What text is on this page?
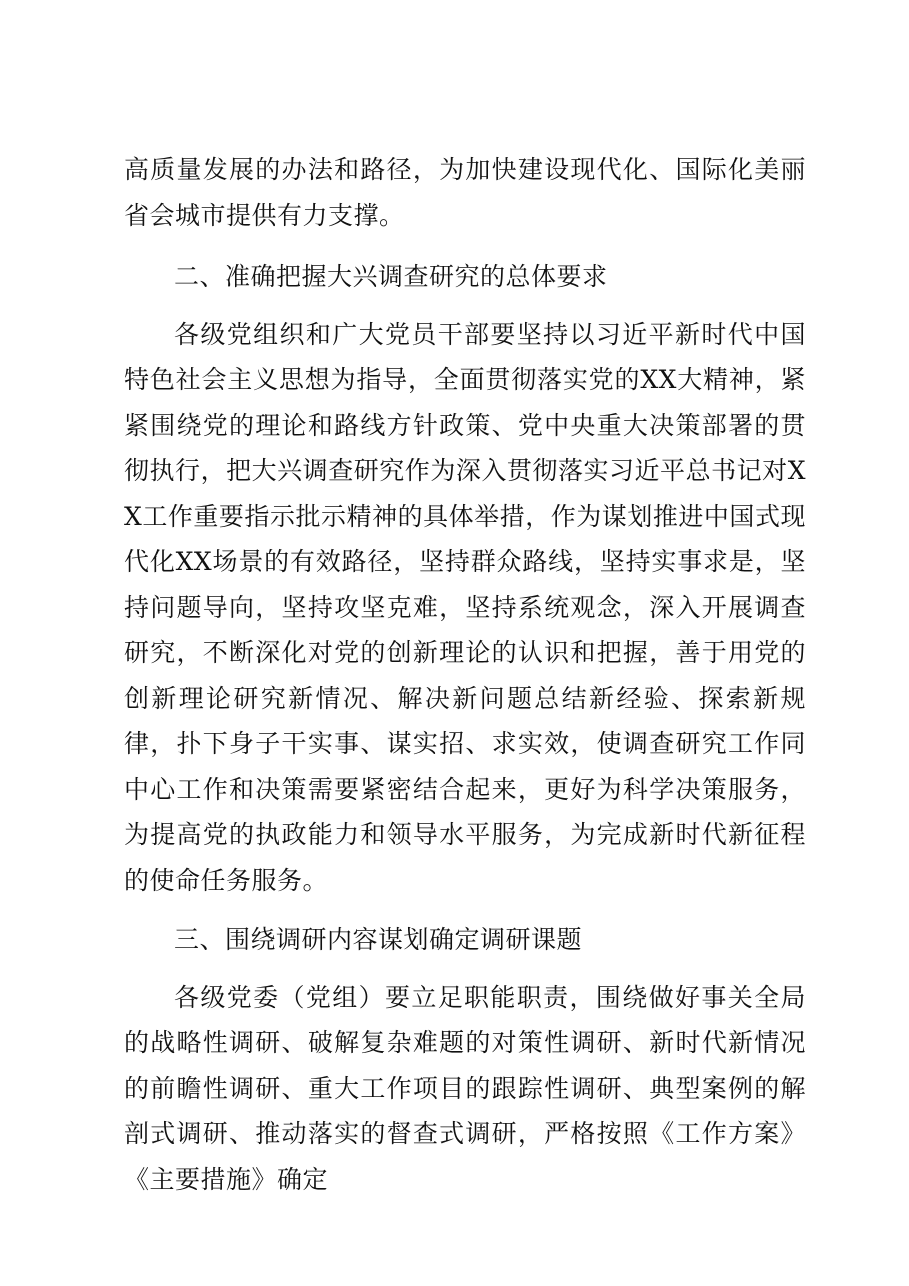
高质量发展的办法和路径，为加快建设现代化、国际化美丽省会城市提供有力支撑。

二、准确把握大兴调查研究的总体要求

各级党组织和广大党员干部要坚持以习近平新时代中国特色社会主义思想为指导，全面贯彻落实党的XX大精神，紧紧围绕党的理论和路线方针政策、党中央重大决策部署的贯彻执行，把大兴调查研究作为深入贯彻落实习近平总书记对XX工作重要指示批示精神的具体举措，作为谋划推进中国式现代化XX场景的有效路径，坚持群众路线，坚持实事求是，坚持问题导向，坚持攻坚克难，坚持系统观念，深入开展调查研究，不断深化对党的创新理论的认识和把握，善于用党的创新理论研究新情况、解决新问题总结新经验、探索新规律，扑下身子干实事、谋实招、求实效，使调查研究工作同中心工作和决策需要紧密结合起来，更好为科学决策服务，为提高党的执政能力和领导水平服务，为完成新时代新征程的使命任务服务。

三、围绕调研内容谋划确定调研课题

各级党委（党组）要立足职能职责，围绕做好事关全局的战略性调研、破解复杂难题的对策性调研、新时代新情况的前瞻性调研、重大工作项目的跟踪性调研、典型案例的解剖式调研、推动落实的督查式调研，严格按照《工作方案》《主要措施》确定
